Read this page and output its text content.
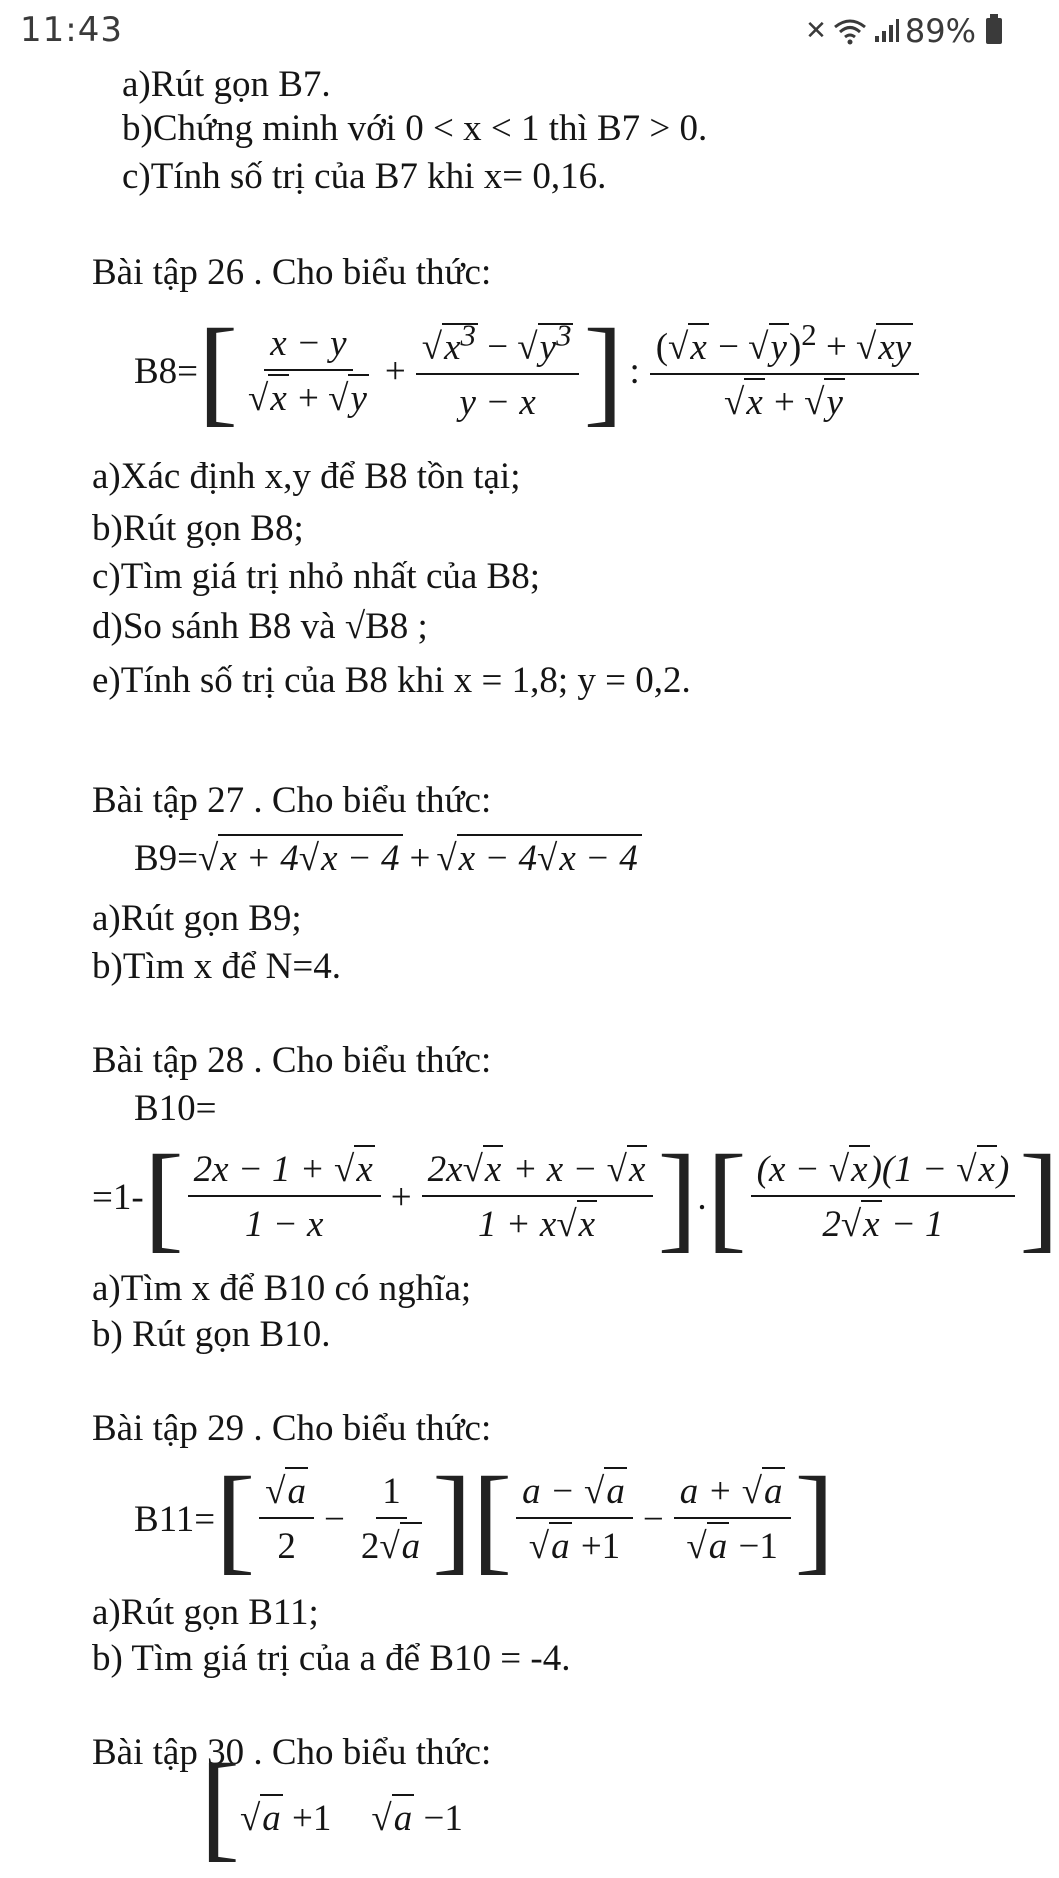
11:43	✕ 89%
a)Rút gọn B7.
b)Chứng minh với 0 < x < 1 thì B7 > 0.
c)Tính số trị của B7 khi x= 0,16.
Bài tập 26 . Cho biểu thức:
B8= [ $\frac{x - y}{√x + √y} + \frac{√x^3 - √y^3}{y - x}$ ] : $\frac{(√x - √y)^2 + √xy}{√x + √y}$
a)Xác định x,y để B8 tồn tại;
b)Rút gọn B8;
c)Tìm giá trị nhỏ nhất của B8;
d)So sánh B8 và √B8 ;
e)Tính số trị của B8 khi x = 1,8; y = 0,2.
Bài tập 27 . Cho biểu thức:
B9= √x + 4√x − 4 + √x − 4√x − 4
a)Rút gọn B9;
b)Tìm x để N=4.
Bài tập 28 . Cho biểu thức:
B10=
=1- [ $\frac{2x - 1 + √x}{1 - x} + \frac{2x√x + x - √x}{1 + x√x}$ ] . [ $\frac{(x - √x)(1 - √x)}{2√x - 1}$ ]
a)Tìm x để B10 có nghĩa;
b) Rút gọn B10.
Bài tập 29 . Cho biểu thức:
B11= [ $\frac{√a}{2} - \frac{1}{2√a}$ ][ $\frac{a - √a}{√a +1} - \frac{a + √a}{√a -1}$ ]
a)Rút gọn B11;
b) Tìm giá trị của a để B10 = -4.
Bài tập 30 . Cho biểu thức:
[ √a +1 √a −1
